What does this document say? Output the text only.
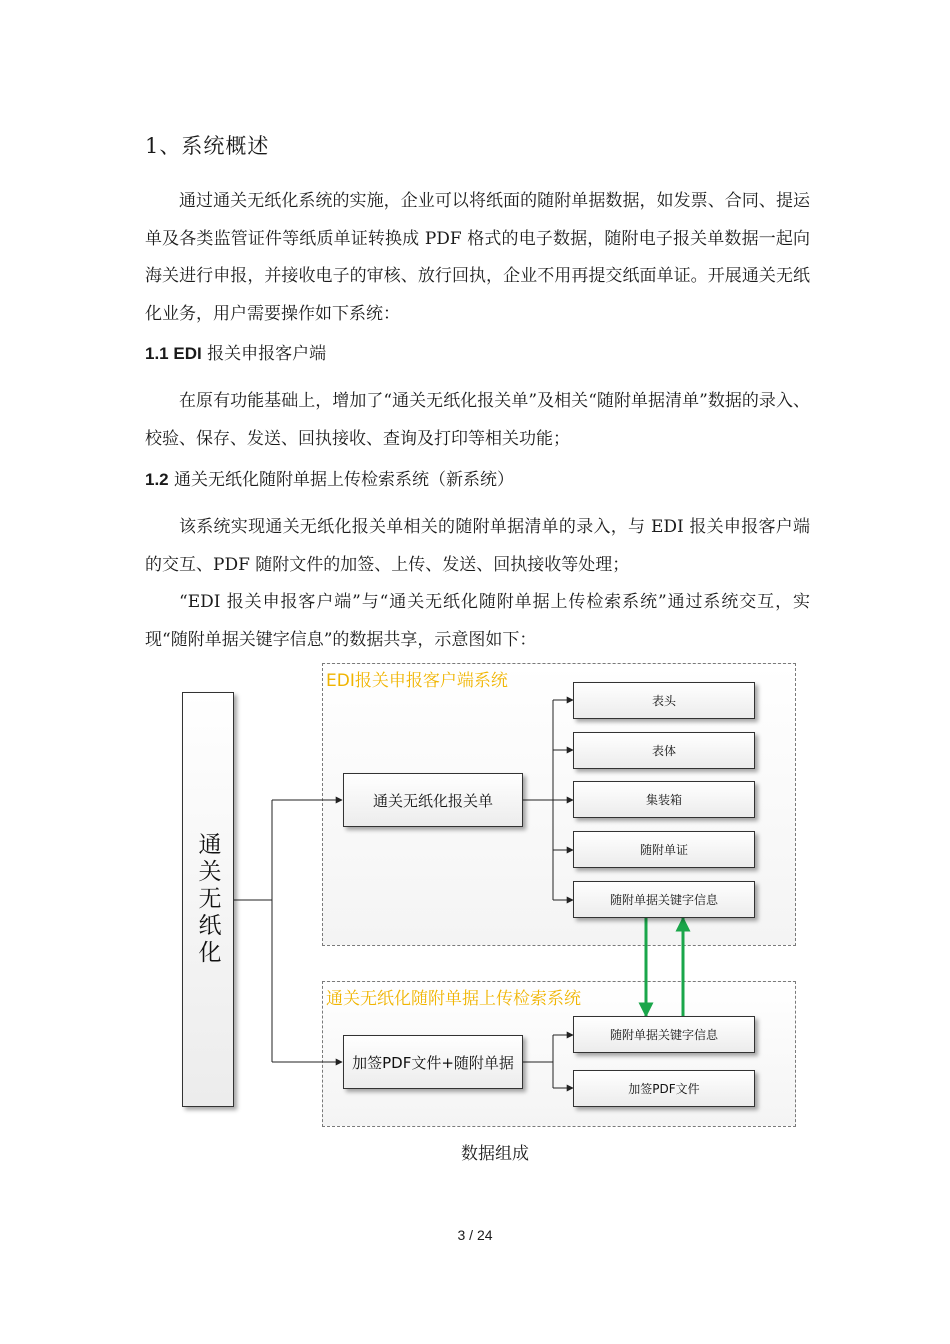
1、系统概述
通过通关无纸化系统的实施，企业可以将纸面的随附单据数据，如发票、合同、提运单及各类监管证件等纸质单证转换成 PDF 格式的电子数据，随附电子报关单数据一起向海关进行申报，并接收电子的审核、放行回执，企业不用再提交纸面单证。开展通关无纸化业务，用户需要操作如下系统：
1.1 EDI 报关申报客户端
在原有功能基础上，增加了“通关无纸化报关单”及相关“随附单据清单”数据的录入、校验、保存、发送、回执接收、查询及打印等相关功能；
1.2 通关无纸化随附单据上传检索系统（新系统）
该系统实现通关无纸化报关单相关的随附单据清单的录入，与 EDI 报关申报客户端的交互、PDF 随附文件的加签、上传、发送、回执接收等处理；
“EDI 报关申报客户端”与“通关无纸化随附单据上传检索系统”通过系统交互，实现“随附单据关键字信息”的数据共享，示意图如下：
EDI报关申报客户端系统
通关无纸化随附单据上传检索系统
通关无纸化
通关无纸化报关单
表头
表体
集装箱
随附单证
随附单据关键字信息
加签PDF文件+随附单据
随附单据关键字信息
加签PDF文件
数据组成
3 / 24
